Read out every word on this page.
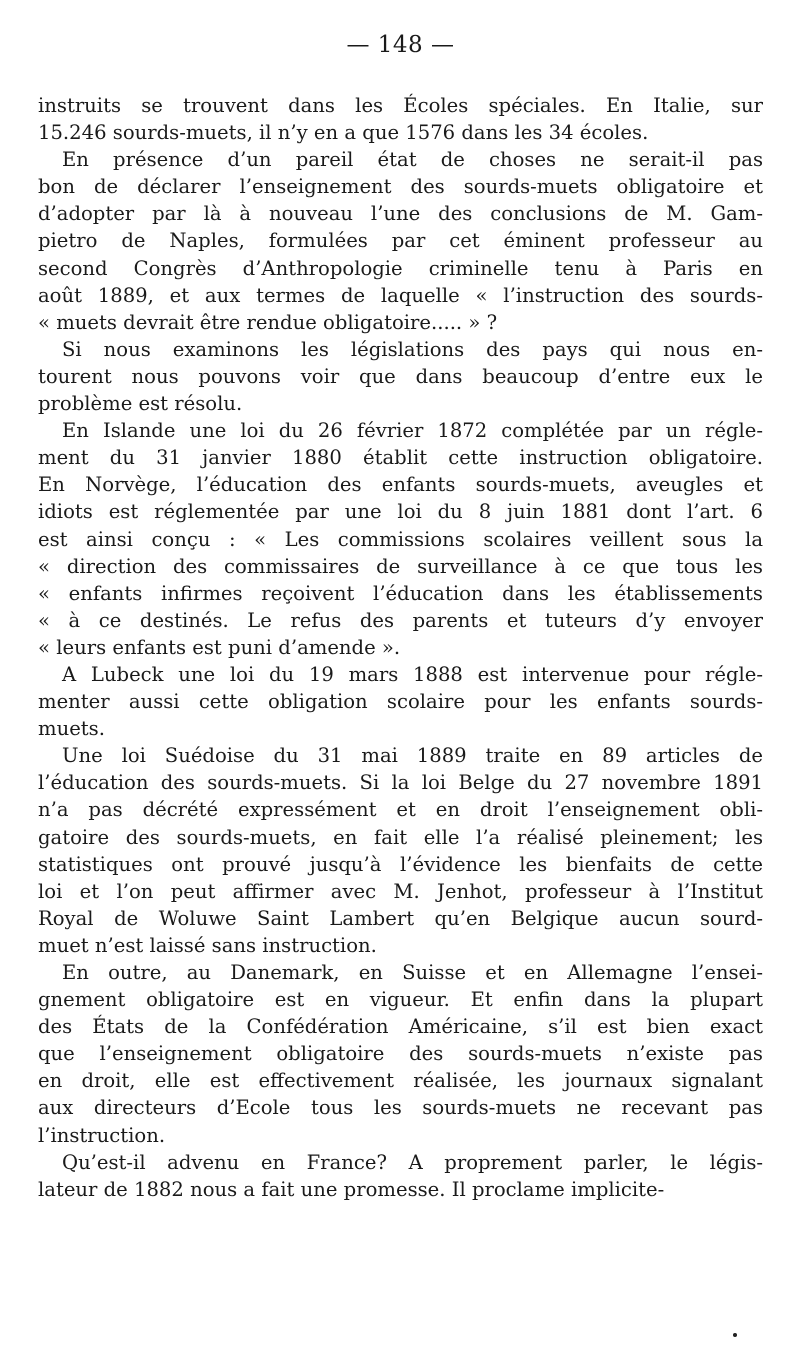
— 148 —

instruits se trouvent dans les Écoles spéciales. En Italie, sur
15.246 sourds-muets, il n’y en a que 1576 dans les 34 écoles.

En présence d’un pareil état de choses ne serait-il pas
bon de déclarer l’enseignement des sourds-muets obligatoire et
d’adopter par là à nouveau l’une des conclusions de M. Gam-
pietro de Naples, formulées par cet éminent professeur au
second Congrès d’Anthropologie criminelle tenu à Paris en
août 1889, et aux termes de laquelle « l’instruction des sourds-
« muets devrait être rendue obligatoire..... » ?

Si nous examinons les législations des pays qui nous en-
tourent nous pouvons voir que dans beaucoup d’entre eux le
problème est résolu.

En Islande une loi du 26 février 1872 complétée par un régle-
ment du 31 janvier 1880 établit cette instruction obligatoire.
En Norvège, l’éducation des enfants sourds-muets, aveugles et
idiots est réglementée par une loi du 8 juin 1881 dont l’art. 6
est ainsi conçu : « Les commissions scolaires veillent sous la
« direction des commissaires de surveillance à ce que tous les
« enfants infirmes reçoivent l’éducation dans les établissements
« à ce destinés. Le refus des parents et tuteurs d’y envoyer
« leurs enfants est puni d’amende ».

A Lubeck une loi du 19 mars 1888 est intervenue pour régle-
menter aussi cette obligation scolaire pour les enfants sourds-
muets.

Une loi Suédoise du 31 mai 1889 traite en 89 articles de
l’éducation des sourds-muets. Si la loi Belge du 27 novembre 1891
n’a pas décrété expressément et en droit l’enseignement obli-
gatoire des sourds-muets, en fait elle l’a réalisé pleinement; les
statistiques ont prouvé jusqu’à l’évidence les bienfaits de cette
loi et l’on peut affirmer avec M. Jenhot, professeur à l’Institut
Royal de Woluwe Saint Lambert qu’en Belgique aucun sourd-
muet n’est laissé sans instruction.

En outre, au Danemark, en Suisse et en Allemagne l’ensei-
gnement obligatoire est en vigueur. Et enfin dans la plupart
des États de la Confédération Américaine, s’il est bien exact
que l’enseignement obligatoire des sourds-muets n’existe pas
en droit, elle est effectivement réalisée, les journaux signalant
aux directeurs d’Ecole tous les sourds-muets ne recevant pas
l’instruction.

Qu’est-il advenu en France? A proprement parler, le légis-
lateur de 1882 nous a fait une promesse. Il proclame implicite-
